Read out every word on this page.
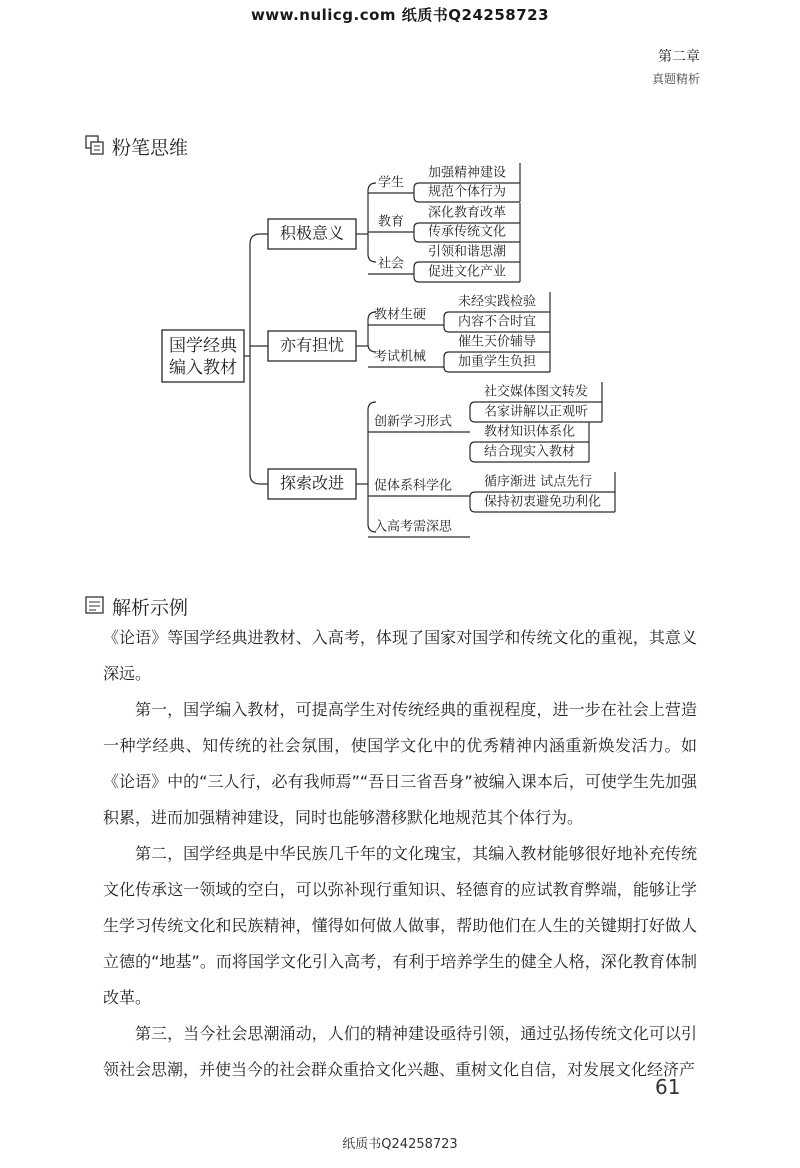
www.nulicg.com 纸质书Q24258723
第二章
真题精析
粉笔思维
国学经典
编入教材
积极意义
学生
加强精神建设
规范个体行为
教育
深化教育改革
传承传统文化
社会
引领和谐思潮
促进文化产业
亦有担忧
教材生硬
未经实践检验
内容不合时宜
考试机械
催生天价辅导
加重学生负担
探索改进
创新学习形式
社交媒体图文转发
名家讲解以正观听
促体系科学化
教材知识体系化
结合现实入教材
入高考需深思
循序渐进 试点先行
保持初衷避免功利化
解析示例
《论语》等国学经典进教材、入高考，体现了国家对国学和传统文化的重视，其意义深远。
第一，国学编入教材，可提高学生对传统经典的重视程度，进一步在社会上营造一种学经典、知传统的社会氛围，使国学文化中的优秀精神内涵重新焕发活力。如《论语》中的“三人行，必有我师焉”“吾日三省吾身”被编入课本后，可使学生先加强积累，进而加强精神建设，同时也能够潜移默化地规范其个体行为。
第二，国学经典是中华民族几千年的文化瑰宝，其编入教材能够很好地补充传统文化传承这一领域的空白，可以弥补现行重知识、轻德育的应试教育弊端，能够让学生学习传统文化和民族精神，懂得如何做人做事，帮助他们在人生的关键期打好做人立德的“地基”。而将国学文化引入高考，有利于培养学生的健全人格，深化教育体制改革。
第三，当今社会思潮涌动，人们的精神建设亟待引领，通过弘扬传统文化可以引领社会思潮，并使当今的社会群众重拾文化兴趣、重树文化自信，对发展文化经济产
61
纸质书Q24258723
